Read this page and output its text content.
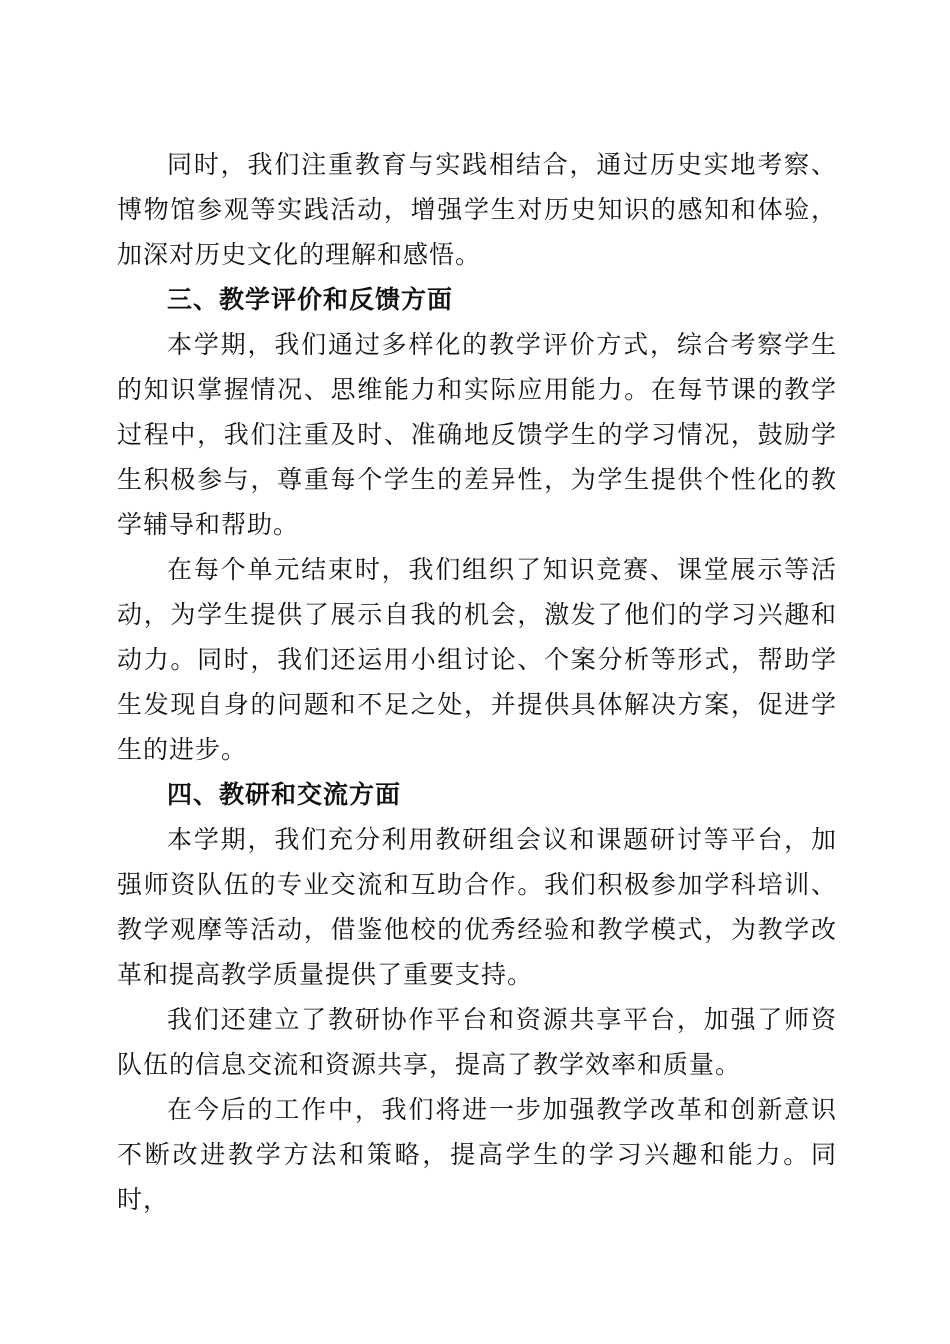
同时，我们注重教育与实践相结合，通过历史实地考察、博物馆参观等实践活动，增强学生对历史知识的感知和体验，加深对历史文化的理解和感悟。

三、教学评价和反馈方面

本学期，我们通过多样化的教学评价方式，综合考察学生的知识掌握情况、思维能力和实际应用能力。在每节课的教学过程中，我们注重及时、准确地反馈学生的学习情况，鼓励学生积极参与，尊重每个学生的差异性，为学生提供个性化的教学辅导和帮助。

在每个单元结束时，我们组织了知识竞赛、课堂展示等活动，为学生提供了展示自我的机会，激发了他们的学习兴趣和动力。同时，我们还运用小组讨论、个案分析等形式，帮助学生发现自身的问题和不足之处，并提供具体解决方案，促进学生的进步。

四、教研和交流方面

本学期，我们充分利用教研组会议和课题研讨等平台，加强师资队伍的专业交流和互助合作。我们积极参加学科培训、教学观摩等活动，借鉴他校的优秀经验和教学模式，为教学改革和提高教学质量提供了重要支持。

我们还建立了教研协作平台和资源共享平台，加强了师资队伍的信息交流和资源共享，提高了教学效率和质量。

在今后的工作中，我们将进一步加强教学改革和创新意识不断改进教学方法和策略，提高学生的学习兴趣和能力。同时，
